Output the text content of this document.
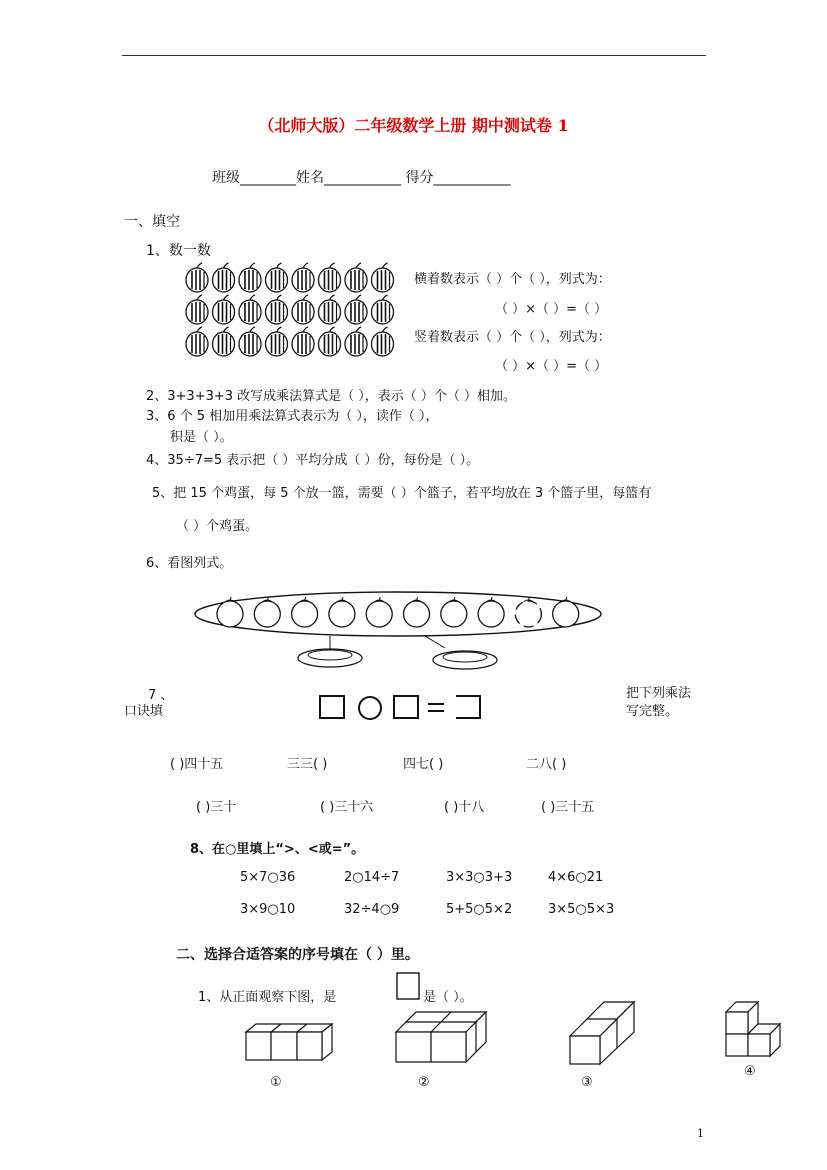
（北师大版）二年级数学上册 期中测试卷 1
班级________姓名___________ 得分___________
一、填空
1、数一数
横着数表示（ ）个（ ），列式为：
（ ）×（ ）=（ ）
竖着数表示（ ）个（ ），列式为：
（ ）×（ ）=（ ）
2、3+3+3+3 改写成乘法算式是（ ），表示（ ）个（ ）相加。
3、6 个 5 相加用乘法算式表示为（ ），读作（ ），
积是（ ）。
4、35÷7=5 表示把（ ）平均分成（ ）份，每份是（ ）。
5、把 15 个鸡蛋，每 5 个放一篮，需要（ ）个篮子，若平均放在 3 个篮子里，每篮有
（ ）个鸡蛋。
6、看图列式。
7 、
口诀填
把下列乘法
写完整。
( )四十五	三三( )	四七( )	二八( )
( )三十	( )三十六	( )十八	( )三十五
8、在○里填上“>、<或=”。
5×7○36	2○14÷7	3×3○3+3	4×6○21
3×9○10	32÷4○9	5+5○5×2	3×5○5×3
二、选择合适答案的序号填在（ ）里。
1、从正面观察下图，是	是（ ）。
①	②	③
④
1
